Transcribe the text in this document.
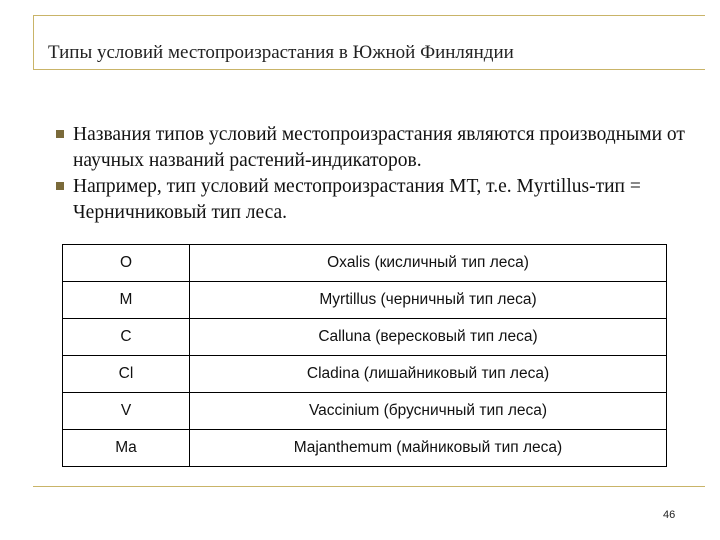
Типы условий местопроизрастания в Южной Финляндии
Названия типов условий местопроизрастания являются производными от научных названий растений-индикаторов.
Например, тип условий местопроизрастания МТ, т.е. Myrtillus-тип = Черничниковый тип леса.
O	Oxalis (кисличный тип леса)
M	Myrtillus (черничный тип леса)
C	Calluna (вересковый тип леса)
Cl	Cladina (лишайниковый тип леса)
V	Vaccinium (брусничный тип леса)
Ma	Majanthemum (майниковый тип леса)
46
